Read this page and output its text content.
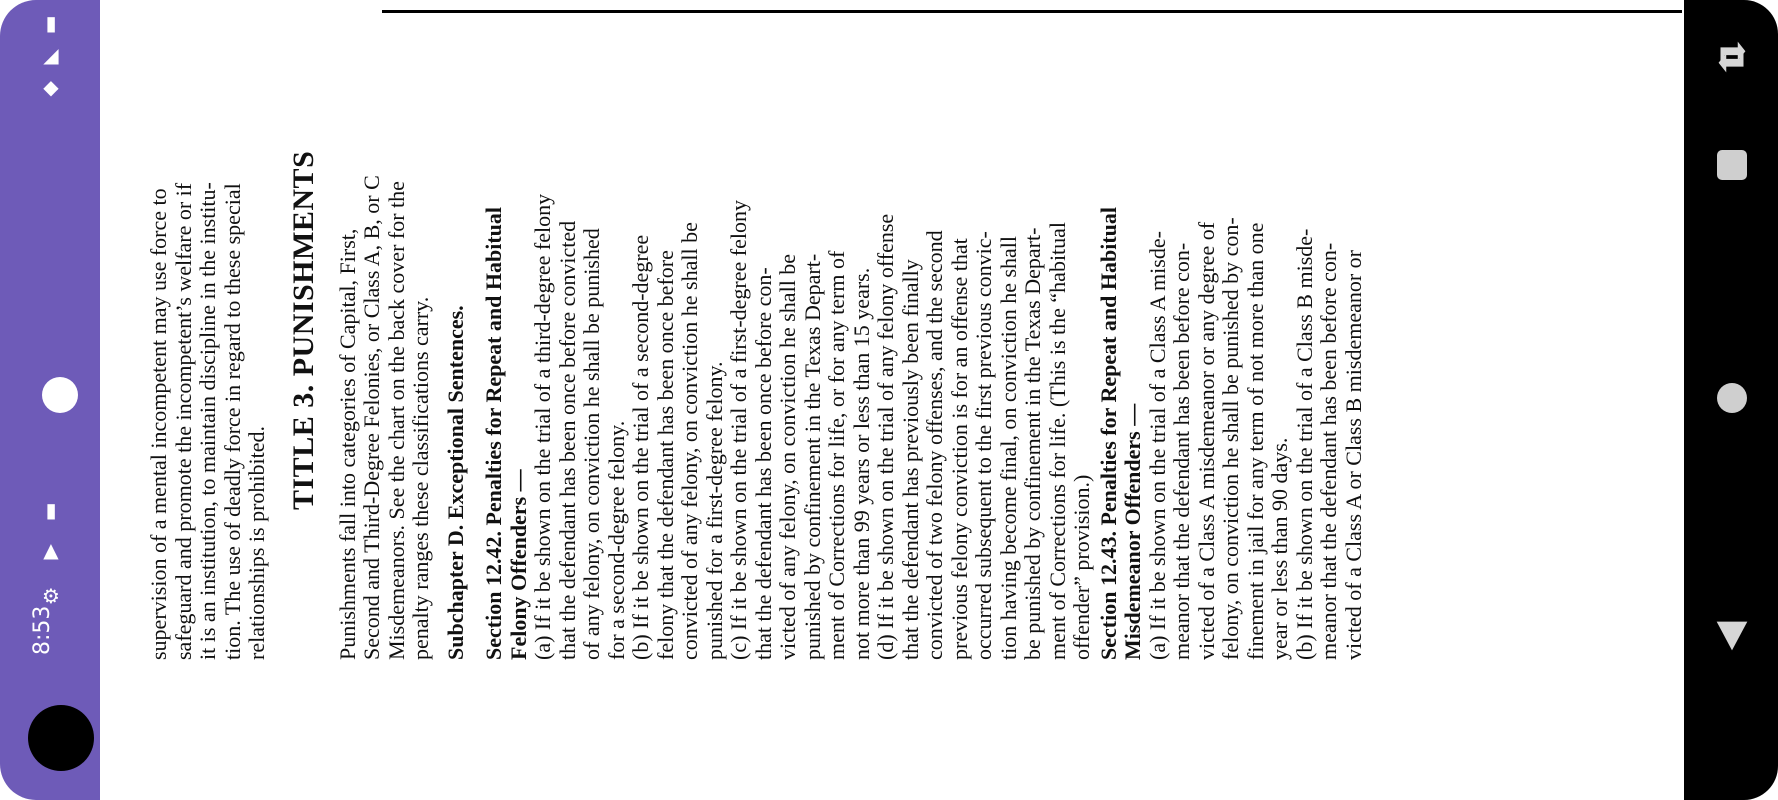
8:53
▮
◢
◆
▮
▲
⚙	supervision of a mental incompetent may use force to safeguard and promote the incompetent’s welfare or if it is an institution, to maintain discipline in the institu- tion. The use of deadly force in regard to these special relationships is prohibited.
TITLE 3. PUNISHMENTS Punishments fall into categories of Capital, First, Second and Third-Degree Felonies, or Class A, B, or C Misdemeanors. See the chart on the back cover for the penalty ranges these classifications carry. Subchapter D. Exceptional Sentences. Section 12.42. Penalties for Repeat and Habitual Felony Offenders — (a) If it be shown on the trial of a third-degree felony that the defendant has been once before convicted of any felony, on conviction he shall be punished for a second-degree felony. (b) If it be shown on the trial of a second-degree felony that the defendant has been once before convicted of any felony, on conviction he shall be punished for a first-degree felony. (c) If it be shown on the trial of a first-degree felony that the defendant has been once before con- victed of any felony, on conviction he shall be punished by confinement in the Texas Depart- ment of Corrections for life, or for any term of not more than 99 years or less than 15 years. (d) If it be shown on the trial of any felony offense that the defendant has previously been finally convicted of two felony offenses, and the second previous felony conviction is for an offense that occurred subsequent to the first previous convic- tion having become final, on conviction he shall be punished by confinement in the Texas Depart- ment of Corrections for life. (This is the “habitual offender” provision.) Section 12.43. Penalties for Repeat and Habitual Misdemeanor Offenders — (a) If it be shown on the trial of a Class A misde- meanor that the defendant has been before con- victed of a Class A misdemeanor or any degree of felony, on conviction he shall be punished by con- finement in jail for any term of not more than one year or less than 90 days. (b) If it be shown on the trial of a Class B misde- meanor that the defendant has been before con- victed of a Class A or Class B misdemeanor or
